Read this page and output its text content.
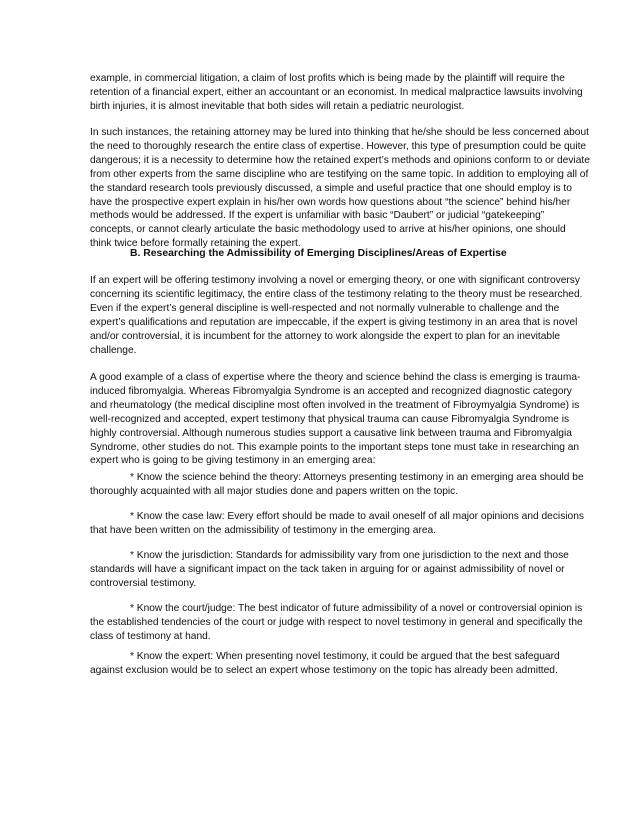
example, in commercial litigation, a claim of lost profits which is being made by the plaintiff will require the retention of a financial expert, either an accountant or an economist. In medical malpractice lawsuits involving birth injuries, it is almost inevitable that both sides will retain a pediatric neurologist.

In such instances, the retaining attorney may be lured into thinking that he/she should be less concerned about the need to thoroughly research the entire class of expertise. However, this type of presumption could be quite dangerous; it is a necessity to determine how the retained expert’s methods and opinions conform to or deviate from other experts from the same discipline who are testifying on the same topic. In addition to employing all of the standard research tools previously discussed, a simple and useful practice that one should employ is to have the prospective expert explain in his/her own words how questions about “the science” behind his/her methods would be addressed. If the expert is unfamiliar with basic “Daubert” or judicial “gatekeeping” concepts, or cannot clearly articulate the basic methodology used to arrive at his/her opinions, one should think twice before formally retaining the expert.

B. Researching the Admissibility of Emerging Disciplines/Areas of Expertise

If an expert will be offering testimony involving a novel or emerging theory, or one with significant controversy concerning its scientific legitimacy, the entire class of the testimony relating to the theory must be researched. Even if the expert’s general discipline is well-respected and not normally vulnerable to challenge and the expert’s qualifications and reputation are impeccable, if the expert is giving testimony in an area that is novel and/or controversial, it is incumbent for the attorney to work alongside the expert to plan for an inevitable challenge.

A good example of a class of expertise where the theory and science behind the class is emerging is trauma-induced fibromyalgia. Whereas Fibromyalgia Syndrome is an accepted and recognized diagnostic category and rheumatology (the medical discipline most often involved in the treatment of Fibroymyalgia Syndrome) is well-recognized and accepted, expert testimony that physical trauma can cause Fibromyalgia Syndrome is highly controversial. Although numerous studies support a causative link between trauma and Fibromyalgia Syndrome, other studies do not. This example points to the important steps tone must take in researching an expert who is going to be giving testimony in an emerging area:

* Know the science behind the theory: Attorneys presenting testimony in an emerging area should be thoroughly acquainted with all major studies done and papers written on the topic.

* Know the case law: Every effort should be made to avail oneself of all major opinions and decisions that have been written on the admissibility of testimony in the emerging area.

* Know the jurisdiction: Standards for admissibility vary from one jurisdiction to the next and those standards will have a significant impact on the tack taken in arguing for or against admissibility of novel or controversial testimony.

* Know the court/judge: The best indicator of future admissibility of a novel or controversial opinion is the established tendencies of the court or judge with respect to novel testimony in general and specifically the class of testimony at hand.

* Know the expert: When presenting novel testimony, it could be argued that the best safeguard against exclusion would be to select an expert whose testimony on the topic has already been admitted.
